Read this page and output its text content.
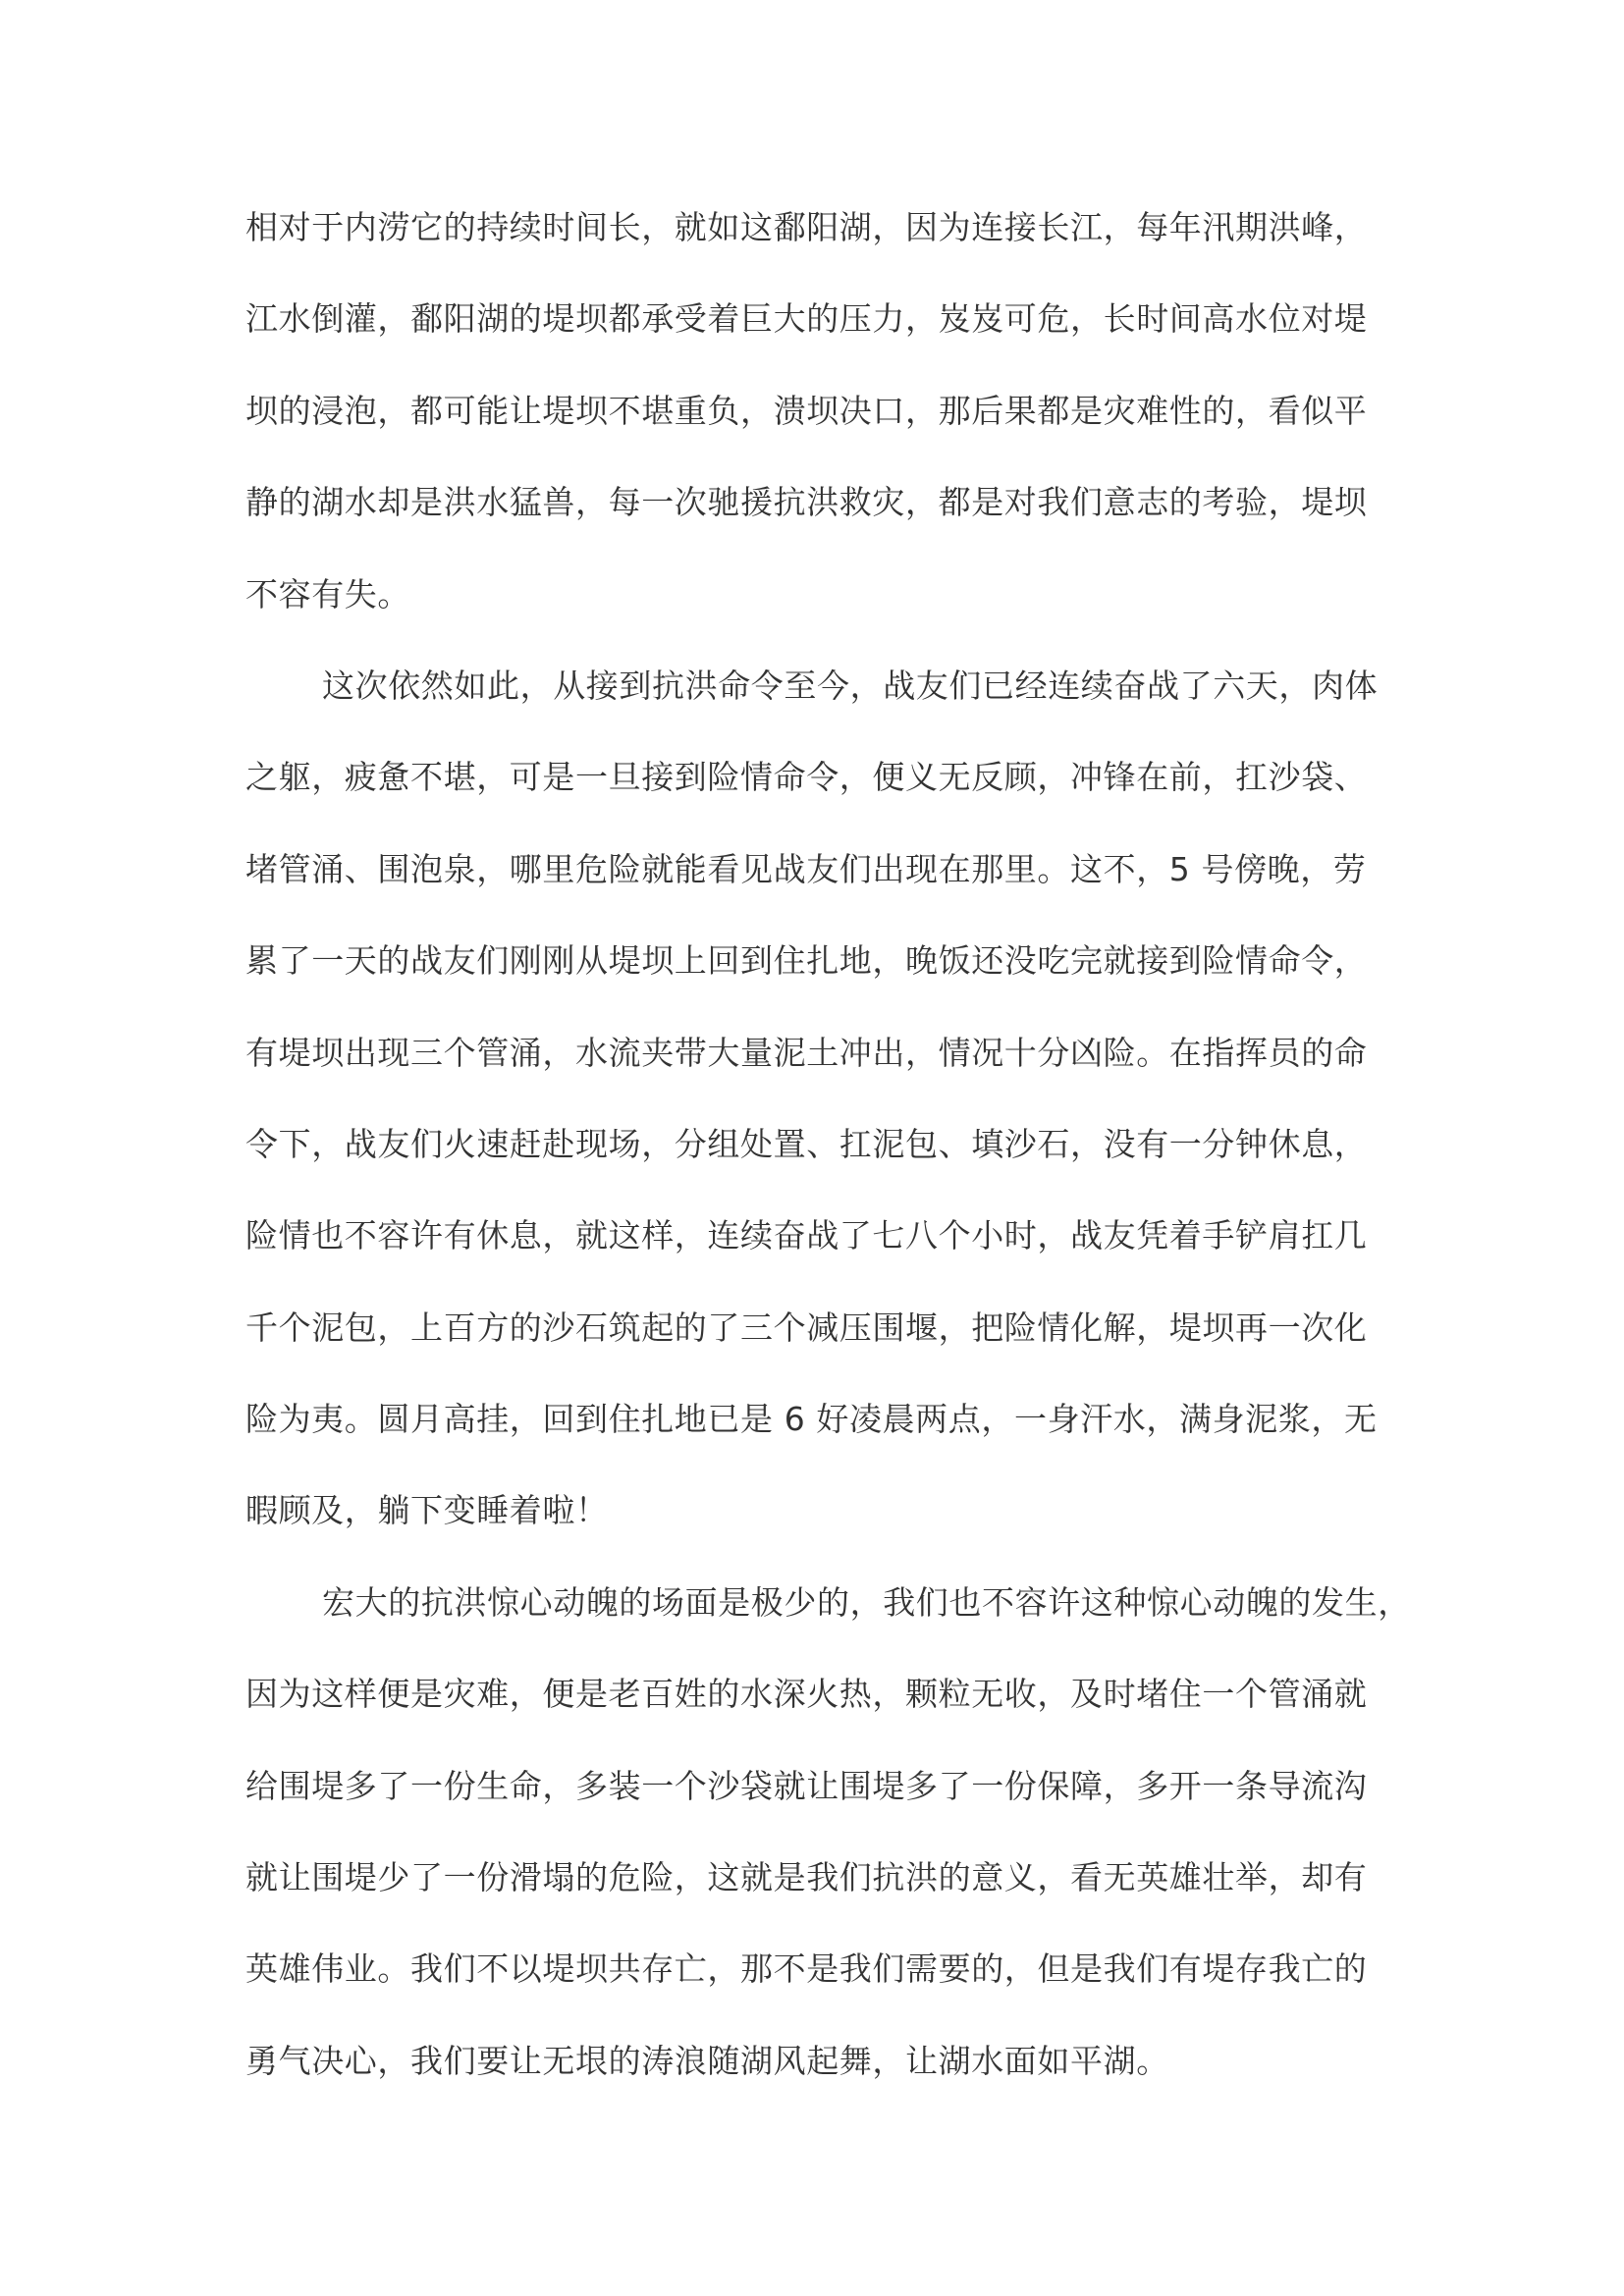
相对于内涝它的持续时间长，就如这鄱阳湖，因为连接长江，每年汛期洪峰，
江水倒灌，鄱阳湖的堤坝都承受着巨大的压力，岌岌可危，长时间高水位对堤
坝的浸泡，都可能让堤坝不堪重负，溃坝决口，那后果都是灾难性的，看似平
静的湖水却是洪水猛兽，每一次驰援抗洪救灾，都是对我们意志的考验，堤坝
不容有失。
这次依然如此，从接到抗洪命令至今，战友们已经连续奋战了六天，肉体
之躯，疲惫不堪，可是一旦接到险情命令，便义无反顾，冲锋在前，扛沙袋、
堵管涌、围泡泉，哪里危险就能看见战友们出现在那里。这不，5 号傍晚，劳
累了一天的战友们刚刚从堤坝上回到住扎地，晚饭还没吃完就接到险情命令，
有堤坝出现三个管涌，水流夹带大量泥土冲出，情况十分凶险。在指挥员的命
令下，战友们火速赶赴现场，分组处置、扛泥包、填沙石，没有一分钟休息，
险情也不容许有休息，就这样，连续奋战了七八个小时，战友凭着手铲肩扛几
千个泥包，上百方的沙石筑起的了三个减压围堰，把险情化解，堤坝再一次化
险为夷。圆月高挂，回到住扎地已是 6 好凌晨两点，一身汗水，满身泥浆，无
暇顾及，躺下变睡着啦！
宏大的抗洪惊心动魄的场面是极少的，我们也不容许这种惊心动魄的发生，
因为这样便是灾难，便是老百姓的水深火热，颗粒无收，及时堵住一个管涌就
给围堤多了一份生命，多装一个沙袋就让围堤多了一份保障，多开一条导流沟
就让围堤少了一份滑塌的危险，这就是我们抗洪的意义，看无英雄壮举，却有
英雄伟业。我们不以堤坝共存亡，那不是我们需要的，但是我们有堤存我亡的
勇气决心，我们要让无垠的涛浪随湖风起舞，让湖水面如平湖。
